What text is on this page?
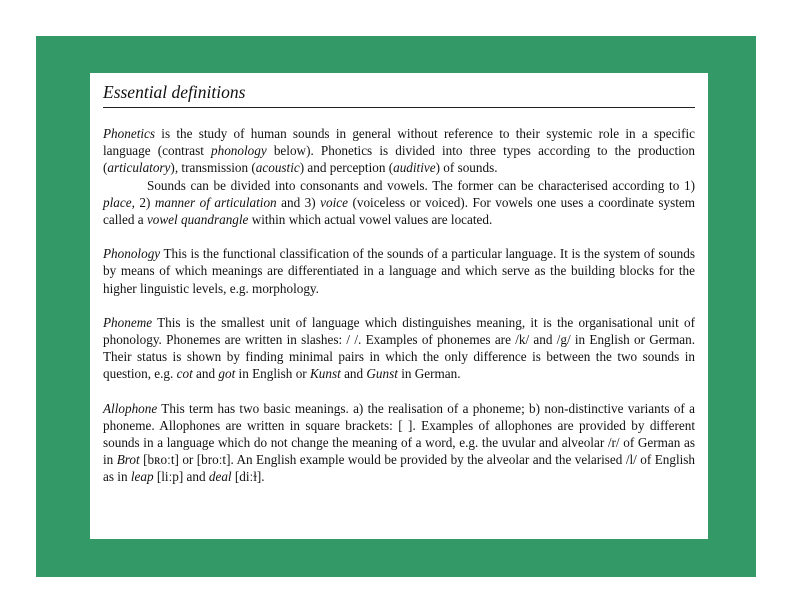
Essential definitions

Phonetics is the study of human sounds in general without reference to their systemic role in a specific language (contrast phonology below). Phonetics is divided into three types according to the production (articulatory), transmission (acoustic) and perception (auditive) of sounds.

Sounds can be divided into consonants and vowels. The former can be characterised according to 1) place, 2) manner of articulation and 3) voice (voiceless or voiced). For vowels one uses a coordinate system called a vowel quandrangle within which actual vowel values are located.

Phonology This is the functional classification of the sounds of a particular language. It is the system of sounds by means of which meanings are differentiated in a language and which serve as the building blocks for the higher linguistic levels, e.g. morphology.

Phoneme This is the smallest unit of language which distinguishes meaning, it is the organisational unit of phonology. Phonemes are written in slashes: / /. Examples of phonemes are /k/ and /g/ in English or German. Their status is shown by finding minimal pairs in which the only difference is between the two sounds in question, e.g. cot and got in English or Kunst and Gunst in German.

Allophone This term has two basic meanings. a) the realisation of a phoneme; b) non-distinctive variants of a phoneme. Allophones are written in square brackets: [ ]. Examples of allophones are provided by different sounds in a language which do not change the meaning of a word, e.g. the uvular and alveolar /r/ of German as in Brot [bʀoːt] or [broːt]. An English example would be provided by the alveolar and the velarised /l/ of English as in leap [liːp] and deal [diːɫ].
